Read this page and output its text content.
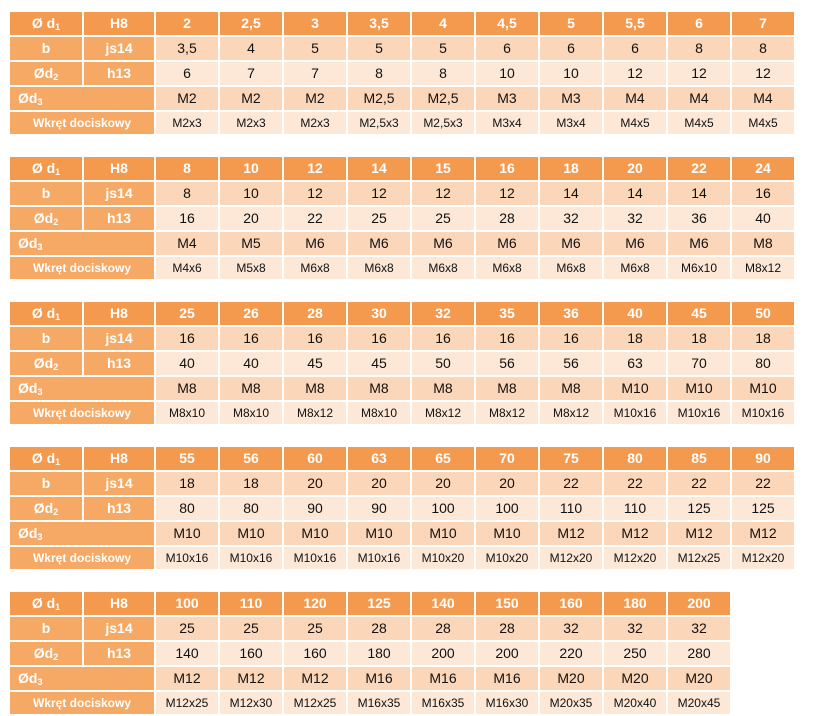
Ø $d_1$	H8	2	2,5	3	3,5	4	4,5	5	5,5	6	7
b	js14	3,5	4	5	5	5	6	6	6	8	8
$Ød_2$	h13	6	7	7	8	8	10	10	12	12	12

$Ød_3$		M2	M2	M2	M2,5	M2,5	M3	M3	M4	M4	M4
Wkręt dociskowy		M2x3	M2x3	M2x3	M2,5x3	M2,5x3	M3x4	M3x4	M4x5	M4x5	M4x5
Ø $d_1$	H8	8	10	12	14	15	16	18	20	22	24
b	js14	8	10	12	12	12	12	14	14	14	16
$Ød_2$	h13	16	20	22	25	25	28	32	32	36	40

$Ød_3$		M4	M5	M6	M6	M6	M6	M6	M6	M6	M8
Wkręt dociskowy		M4x6	M5x8	M6x8	M6x8	M6x8	M6x8	M6x8	M6x8	M6x10	M8x12
Ø $d_1$	H8	25	26	28	30	32	35	36	40	45	50
b	js14	16	16	16	16	16	16	16	18	18	18
$Ød_2$	h13	40	40	45	45	50	56	56	63	70	80

$Ød_3$		M8	M8	M8	M8	M8	M8	M8	M10	M10	M10
Wkręt dociskowy		M8x10	M8x10	M8x12	M8x10	M8x12	M8x12	M8x12	M10x16	M10x16	M10x16
Ø $d_1$	H8	55	56	60	63	65	70	75	80	85	90
b	js14	18	18	20	20	20	20	22	22	22	22
$Ød_2$	h13	80	80	90	90	100	100	110	110	125	125

$Ød_3$		M10	M10	M10	M10	M10	M10	M12	M12	M12	M12
Wkręt dociskowy		M10x16	M10x16	M10x16	M10x16	M10x20	M10x20	M12x20	M12x20	M12x25	M12x20
Ø $d_1$	H8	100	110	120	125	140	150	160	180	200
b	js14	25	25	25	28	28	28	32	32	32
$Ød_2$	h13	140	160	160	180	200	200	220	250	280

$Ød_3$		M12	M12	M12	M16	M16	M16	M20	M20	M20
Wkręt dociskowy		M12x25	M12x30	M12x25	M16x35	M16x35	M16x30	M20x35	M20x40	M20x45
